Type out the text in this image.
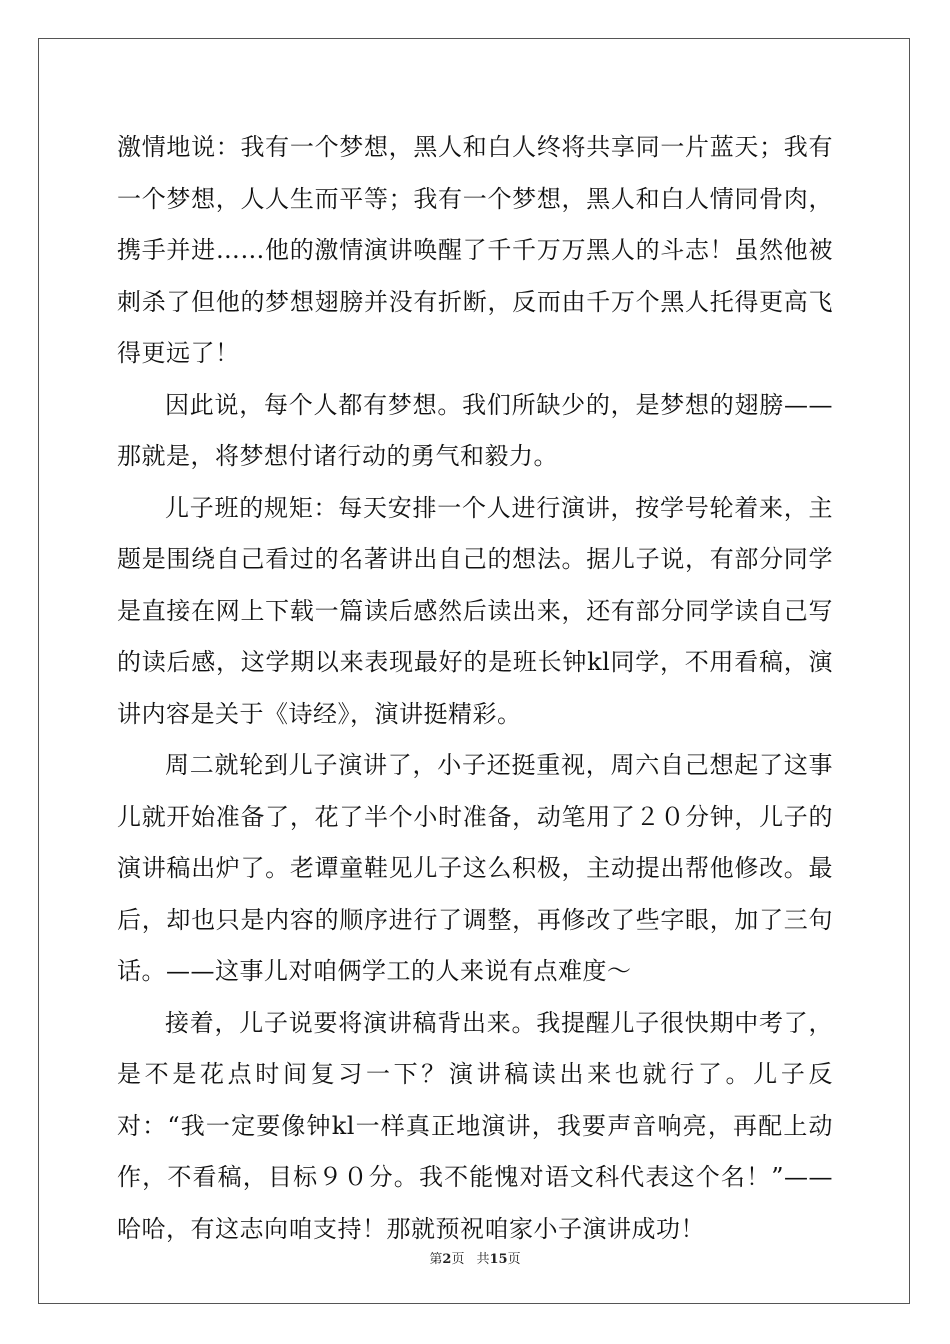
激情地说：我有一个梦想，黑人和白人终将共享同一片蓝天；我有一个梦想，人人生而平等；我有一个梦想，黑人和白人情同骨肉，携手并进……他的激情演讲唤醒了千千万万黑人的斗志！虽然他被刺杀了但他的梦想翅膀并没有折断，反而由千万个黑人托得更高飞得更远了！

因此说，每个人都有梦想。我们所缺少的，是梦想的翅膀——那就是，将梦想付诸行动的勇气和毅力。

儿子班的规矩：每天安排一个人进行演讲，按学号轮着来，主题是围绕自己看过的名著讲出自己的想法。据儿子说，有部分同学是直接在网上下载一篇读后感然后读出来，还有部分同学读自己写的读后感，这学期以来表现最好的是班长钟kl同学，不用看稿，演讲内容是关于《诗经》，演讲挺精彩。

周二就轮到儿子演讲了，小子还挺重视，周六自己想起了这事儿就开始准备了，花了半个小时准备，动笔用了２０分钟，儿子的演讲稿出炉了。老谭童鞋见儿子这么积极，主动提出帮他修改。最后，却也只是内容的顺序进行了调整，再修改了些字眼，加了三句话。——这事儿对咱俩学工的人来说有点难度～

接着，儿子说要将演讲稿背出来。我提醒儿子很快期中考了，是不是花点时间复习一下？演讲稿读出来也就行了。儿子反对：“我一定要像钟kl一样真正地演讲，我要声音响亮，再配上动作，不看稿，目标９０分。我不能愧对语文科代表这个名！”——哈哈，有这志向咱支持！那就预祝咱家小子演讲成功！

第2页 共15页
